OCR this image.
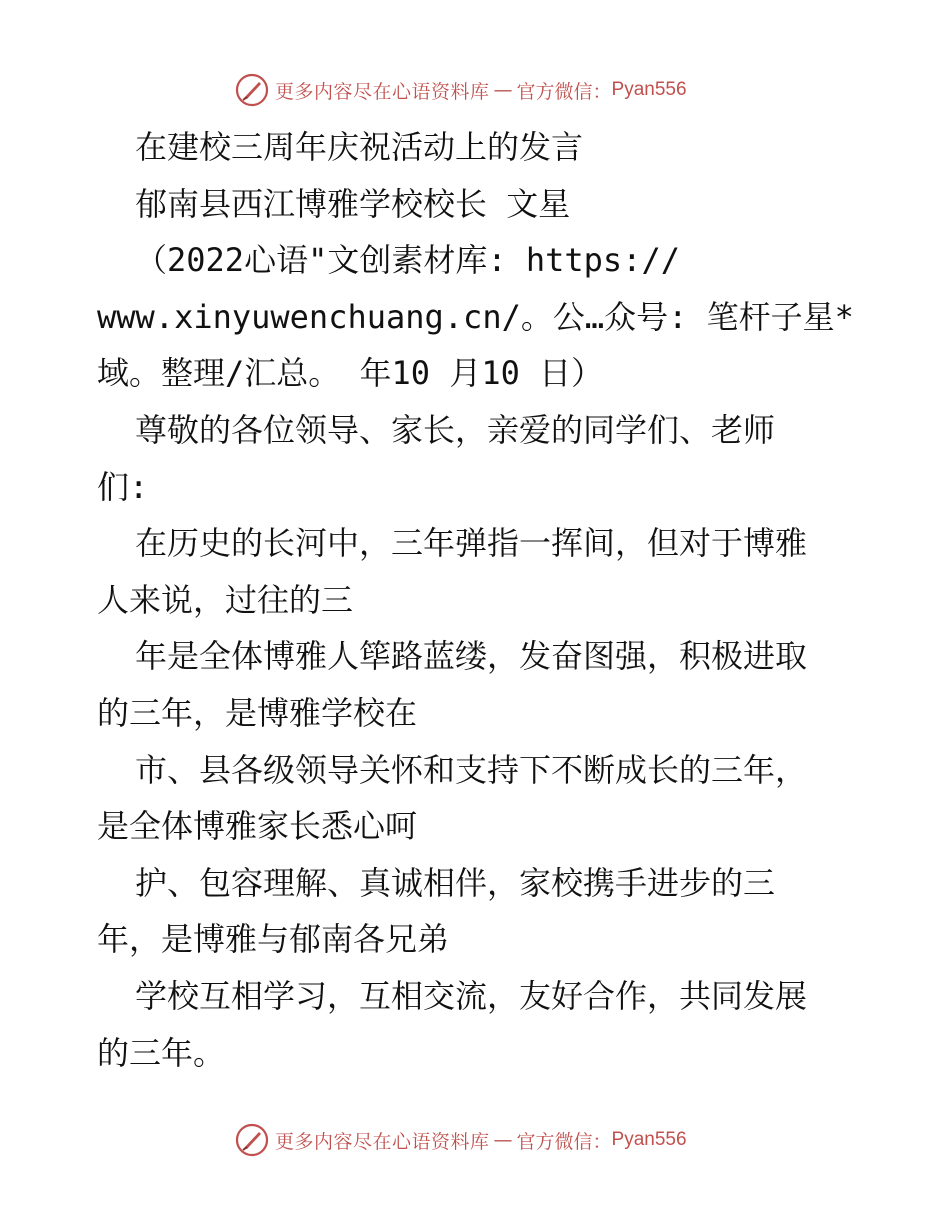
更多内容尽在心语资料库 — 官方微信： Pyan556
在建校三周年庆祝活动上的发言
郁南县西江博雅学校校长 文星
（2022心语"文创素材库: https://
www.xinyuwenchuang.cn/。公…众号: 笔杆子星*
域。整理/汇总。 年10 月10 日）
尊敬的各位领导、家长，亲爱的同学们、老师
们:
在历史的长河中，三年弹指一挥间，但对于博雅
人来说，过往的三
年是全体博雅人筚路蓝缕，发奋图强，积极进取
的三年，是博雅学校在
市、县各级领导关怀和支持下不断成长的三年，
是全体博雅家长悉心呵
护、包容理解、真诚相伴，家校携手进步的三
年，是博雅与郁南各兄弟
学校互相学习，互相交流，友好合作，共同发展
的三年。
更多内容尽在心语资料库 — 官方微信： Pyan556
